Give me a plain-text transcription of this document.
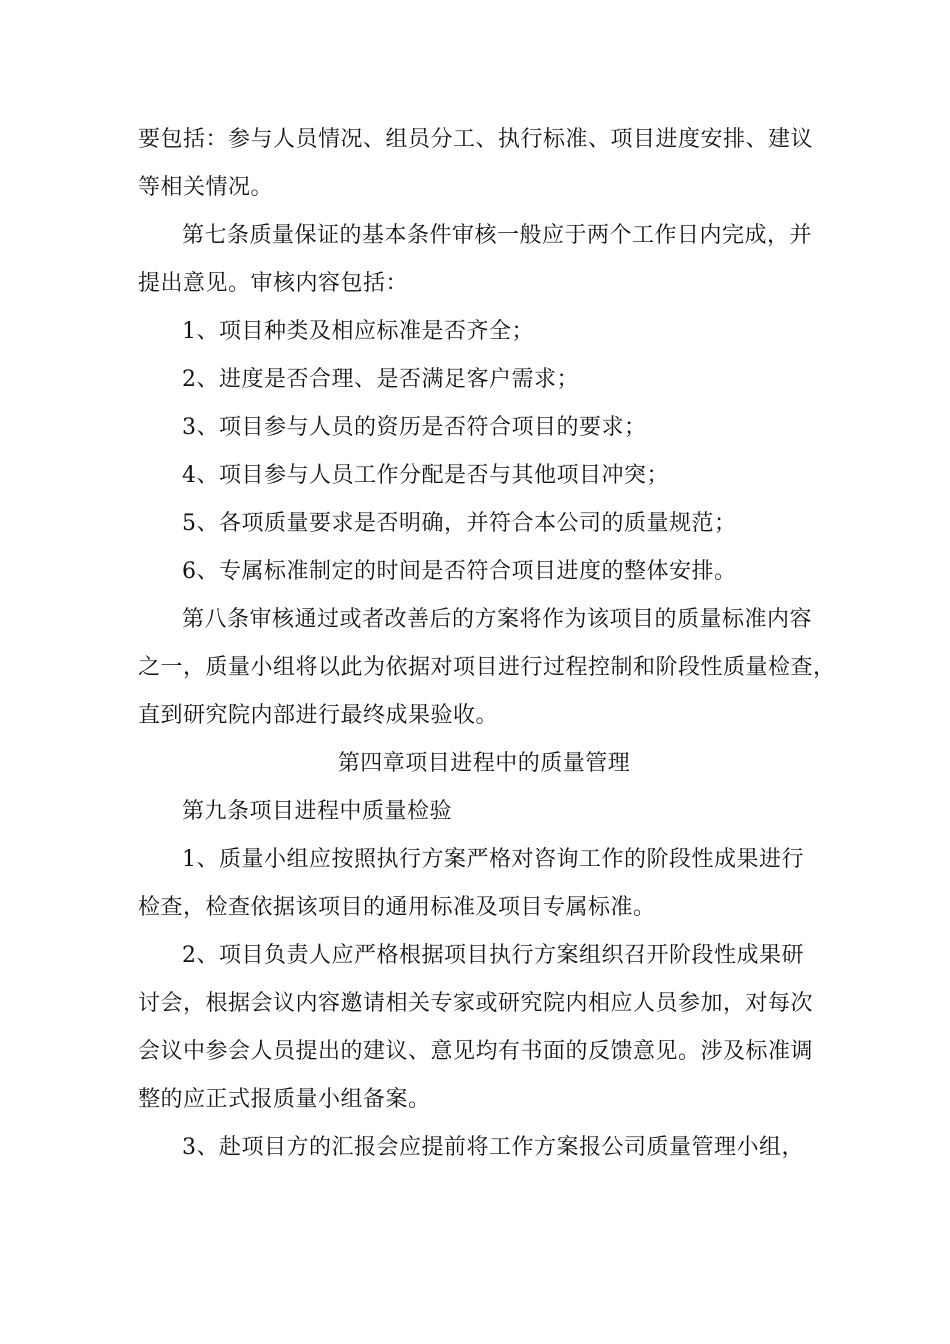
要包括：参与人员情况、组员分工、执行标准、项目进度安排、建议
等相关情况。
第七条质量保证的基本条件审核一般应于两个工作日内完成，并
提出意见。审核内容包括：
1、项目种类及相应标准是否齐全；
2、进度是否合理、是否满足客户需求；
3、项目参与人员的资历是否符合项目的要求；
4、项目参与人员工作分配是否与其他项目冲突；
5、各项质量要求是否明确，并符合本公司的质量规范；
6、专属标准制定的时间是否符合项目进度的整体安排。
第八条审核通过或者改善后的方案将作为该项目的质量标准内容
之一，质量小组将以此为依据对项目进行过程控制和阶段性质量检查，
直到研究院内部进行最终成果验收。
第四章项目进程中的质量管理
第九条项目进程中质量检验
1、质量小组应按照执行方案严格对咨询工作的阶段性成果进行
检查，检查依据该项目的通用标准及项目专属标准。
2、项目负责人应严格根据项目执行方案组织召开阶段性成果研
讨会，根据会议内容邀请相关专家或研究院内相应人员参加，对每次
会议中参会人员提出的建议、意见均有书面的反馈意见。涉及标准调
整的应正式报质量小组备案。
3、赴项目方的汇报会应提前将工作方案报公司质量管理小组，
